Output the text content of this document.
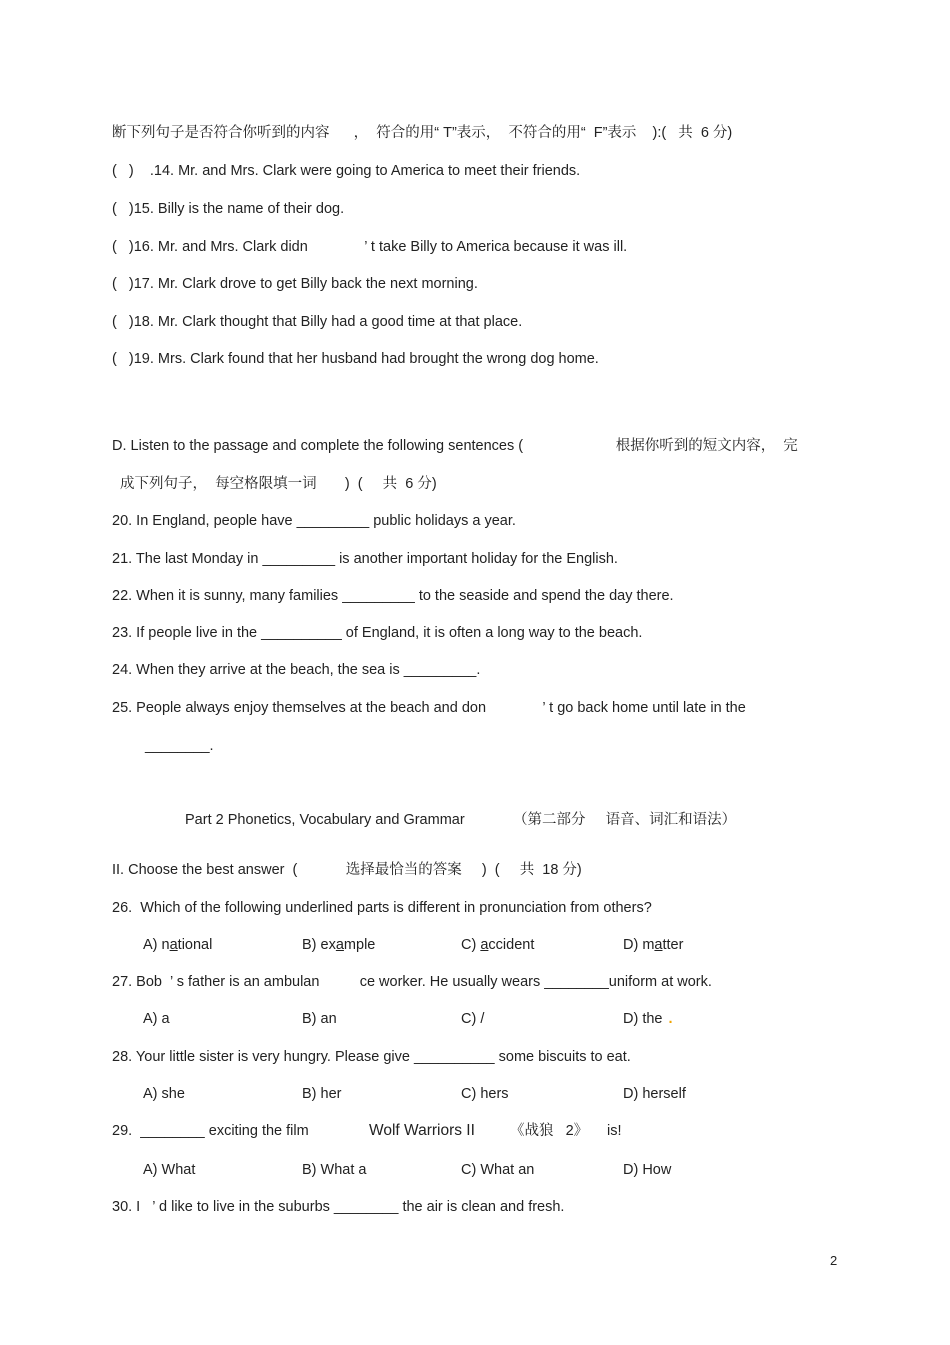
断下列句子是否符合你听到的内容      ，  符合的用“ T”表示，  不符合的用“  F”表示    ):(   共  6 分)
(   )    .14. Mr. and Mrs. Clark were going to America to meet their friends.
(   )15. Billy is the name of their dog.
(   )16. Mr. and Mrs. Clark didn              ’ t take Billy to America because it was ill.
(   )17. Mr. Clark drove to get Billy back the next morning.
(   )18. Mr. Clark thought that Billy had a good time at that place.
(   )19. Mrs. Clark found that her husband had brought the wrong dog home.
D. Listen to the passage and complete the following sentences (                       根据你听到的短文内容，  完
成下列句子，  每空格限填一词       )  (     共  6 分)
20. In England, people have _________ public holidays a year.
21. The last Monday in _________ is another important holiday for the English.
22. When it is sunny, many families _________ to the seaside and spend the day there.
23. If people live in the __________ of England, it is often a long way to the beach.
24. When they arrive at the beach, the sea is _________.
25. People always enjoy themselves at the beach and don              ’ t go back home until late in the
________.
Part 2 Phonetics, Vocabulary and Grammar            （第二部分     语音、词汇和语法）
II. Choose the best answer  (            选择最恰当的答案     )  (     共  18 分)
26.  Which of the following underlined parts is different in pronunciation from others?
A) national	B) example	C) accident	D) matter
27. Bob  ’ s father is an ambulan          ce worker. He usually wears ________uniform at work.
A) a	B) an	C) /	D) the .
28. Your little sister is very hungry. Please give __________ some biscuits to eat.
A) she	B) her	C) hers	D) herself
29.  ________ exciting the film	Wolf Warriors II 《战狼   2》 is!
A) What	B) What a	C) What an	D) How
30. I   ’ d like to live in the suburbs ________ the air is clean and fresh.
2
